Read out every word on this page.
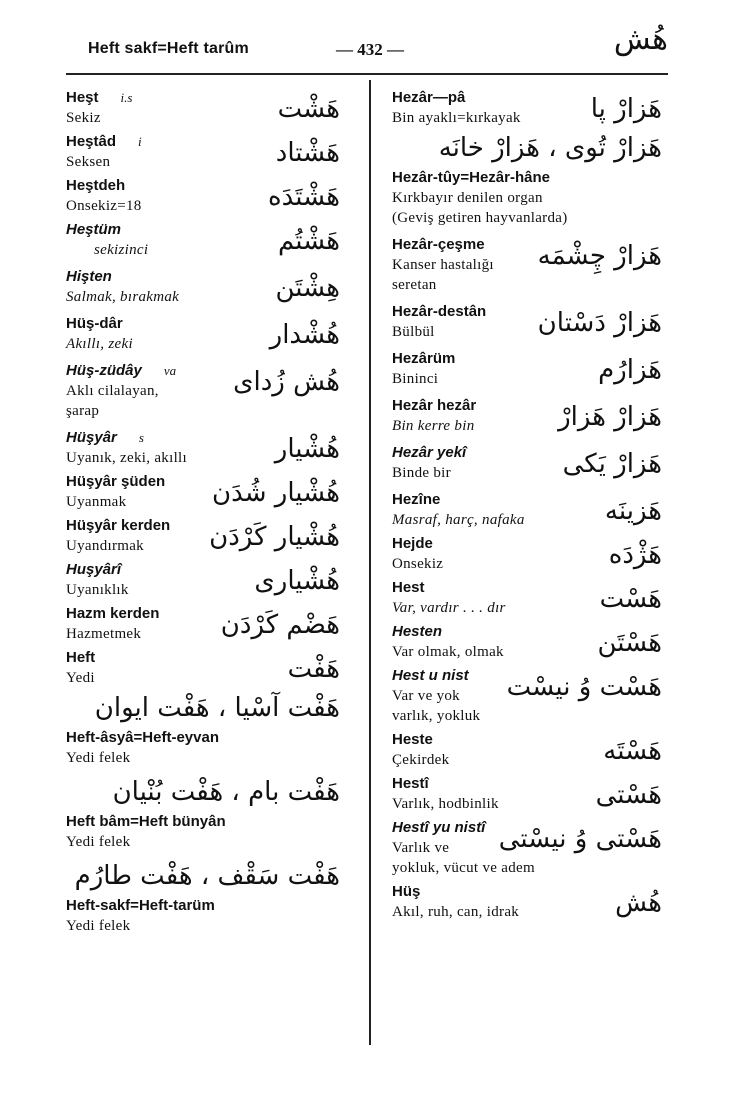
Heft sakf=Heft tarûm	— 432 —	هُش
Heşt i.s
Sekiz	هَشْت
Heştâd i
Seksen	هَشْتاد
Heştdeh
Onsekiz=18	هَشْتَدَه
Heştüm
sekizinci	هَشْتُم
Hişten
Salmak, bırakmak	هِشْتَن
Hüş-dâr
Akıllı, zeki	هُشْدار
Hüş-züdây va
Aklı cilalayan,
şarap
هُش زُدای
Hüşyâr s
Uyanık, zeki, akıllı	هُشْيار
Hüşyâr şüden
Uyanmak	هُشْيار شُدَن
Hüşyâr kerden
Uyandırmak	هُشْيار كَرْدَن
Huşyârî
Uyanıklık	هُشْيارى
Hazm kerden
Hazmetmek	هَضْم كَرْدَن
Heft
Yedi	هَفْت
هَفْت آسْيا ، هَفْت ايوان
Heft-âsyâ=Heft-eyvan
Yedi felek
هَفْت بام ، هَفْت بُنْيان
Heft bâm=Heft bünyân
Yedi felek
هَفْت سَقْف ، هَفْت طارُم
Heft-sakf=Heft-tarüm
Yedi felek
Hezâr—pâ
Bin ayaklı=kırkayak	هَزارْ پا
هَزارْ تُوى ، هَزارْ خانَه
Hezâr-tûy=Hezâr-hâne
Kırkbayır denilen organ
(Geviş getiren hayvanlarda)
Hezâr-çeşme
Kanser hastalığı
seretan
هَزارْ چِشْمَه
Hezâr-destân
Bülbül	هَزارْ دَسْتان
Hezârüm
Bininci	هَزارُم
Hezâr hezâr
Bin kerre bin	هَزارْ هَزارْ
Hezâr yekî
Binde bir	هَزارْ يَكى
Hezîne
Masraf, harç, nafaka	هَزينَه
Hejde
Onsekiz	هَژْدَه
Hest
Var, vardır . . . dır	هَسْت
Hesten
Var olmak, olmak	هَسْتَن
Hest u nist
Var ve yok
varlık, yokluk
هَسْت وُ نيسْت
Heste
Çekirdek	هَسْتَه
Hestî
Varlık, hodbinlik	هَسْتى
Hestî yu nistî
Varlık ve
yokluk, vücut ve adem
هَسْتى وُ نيسْتى
Hüş
Akıl, ruh, can, idrak	هُش
